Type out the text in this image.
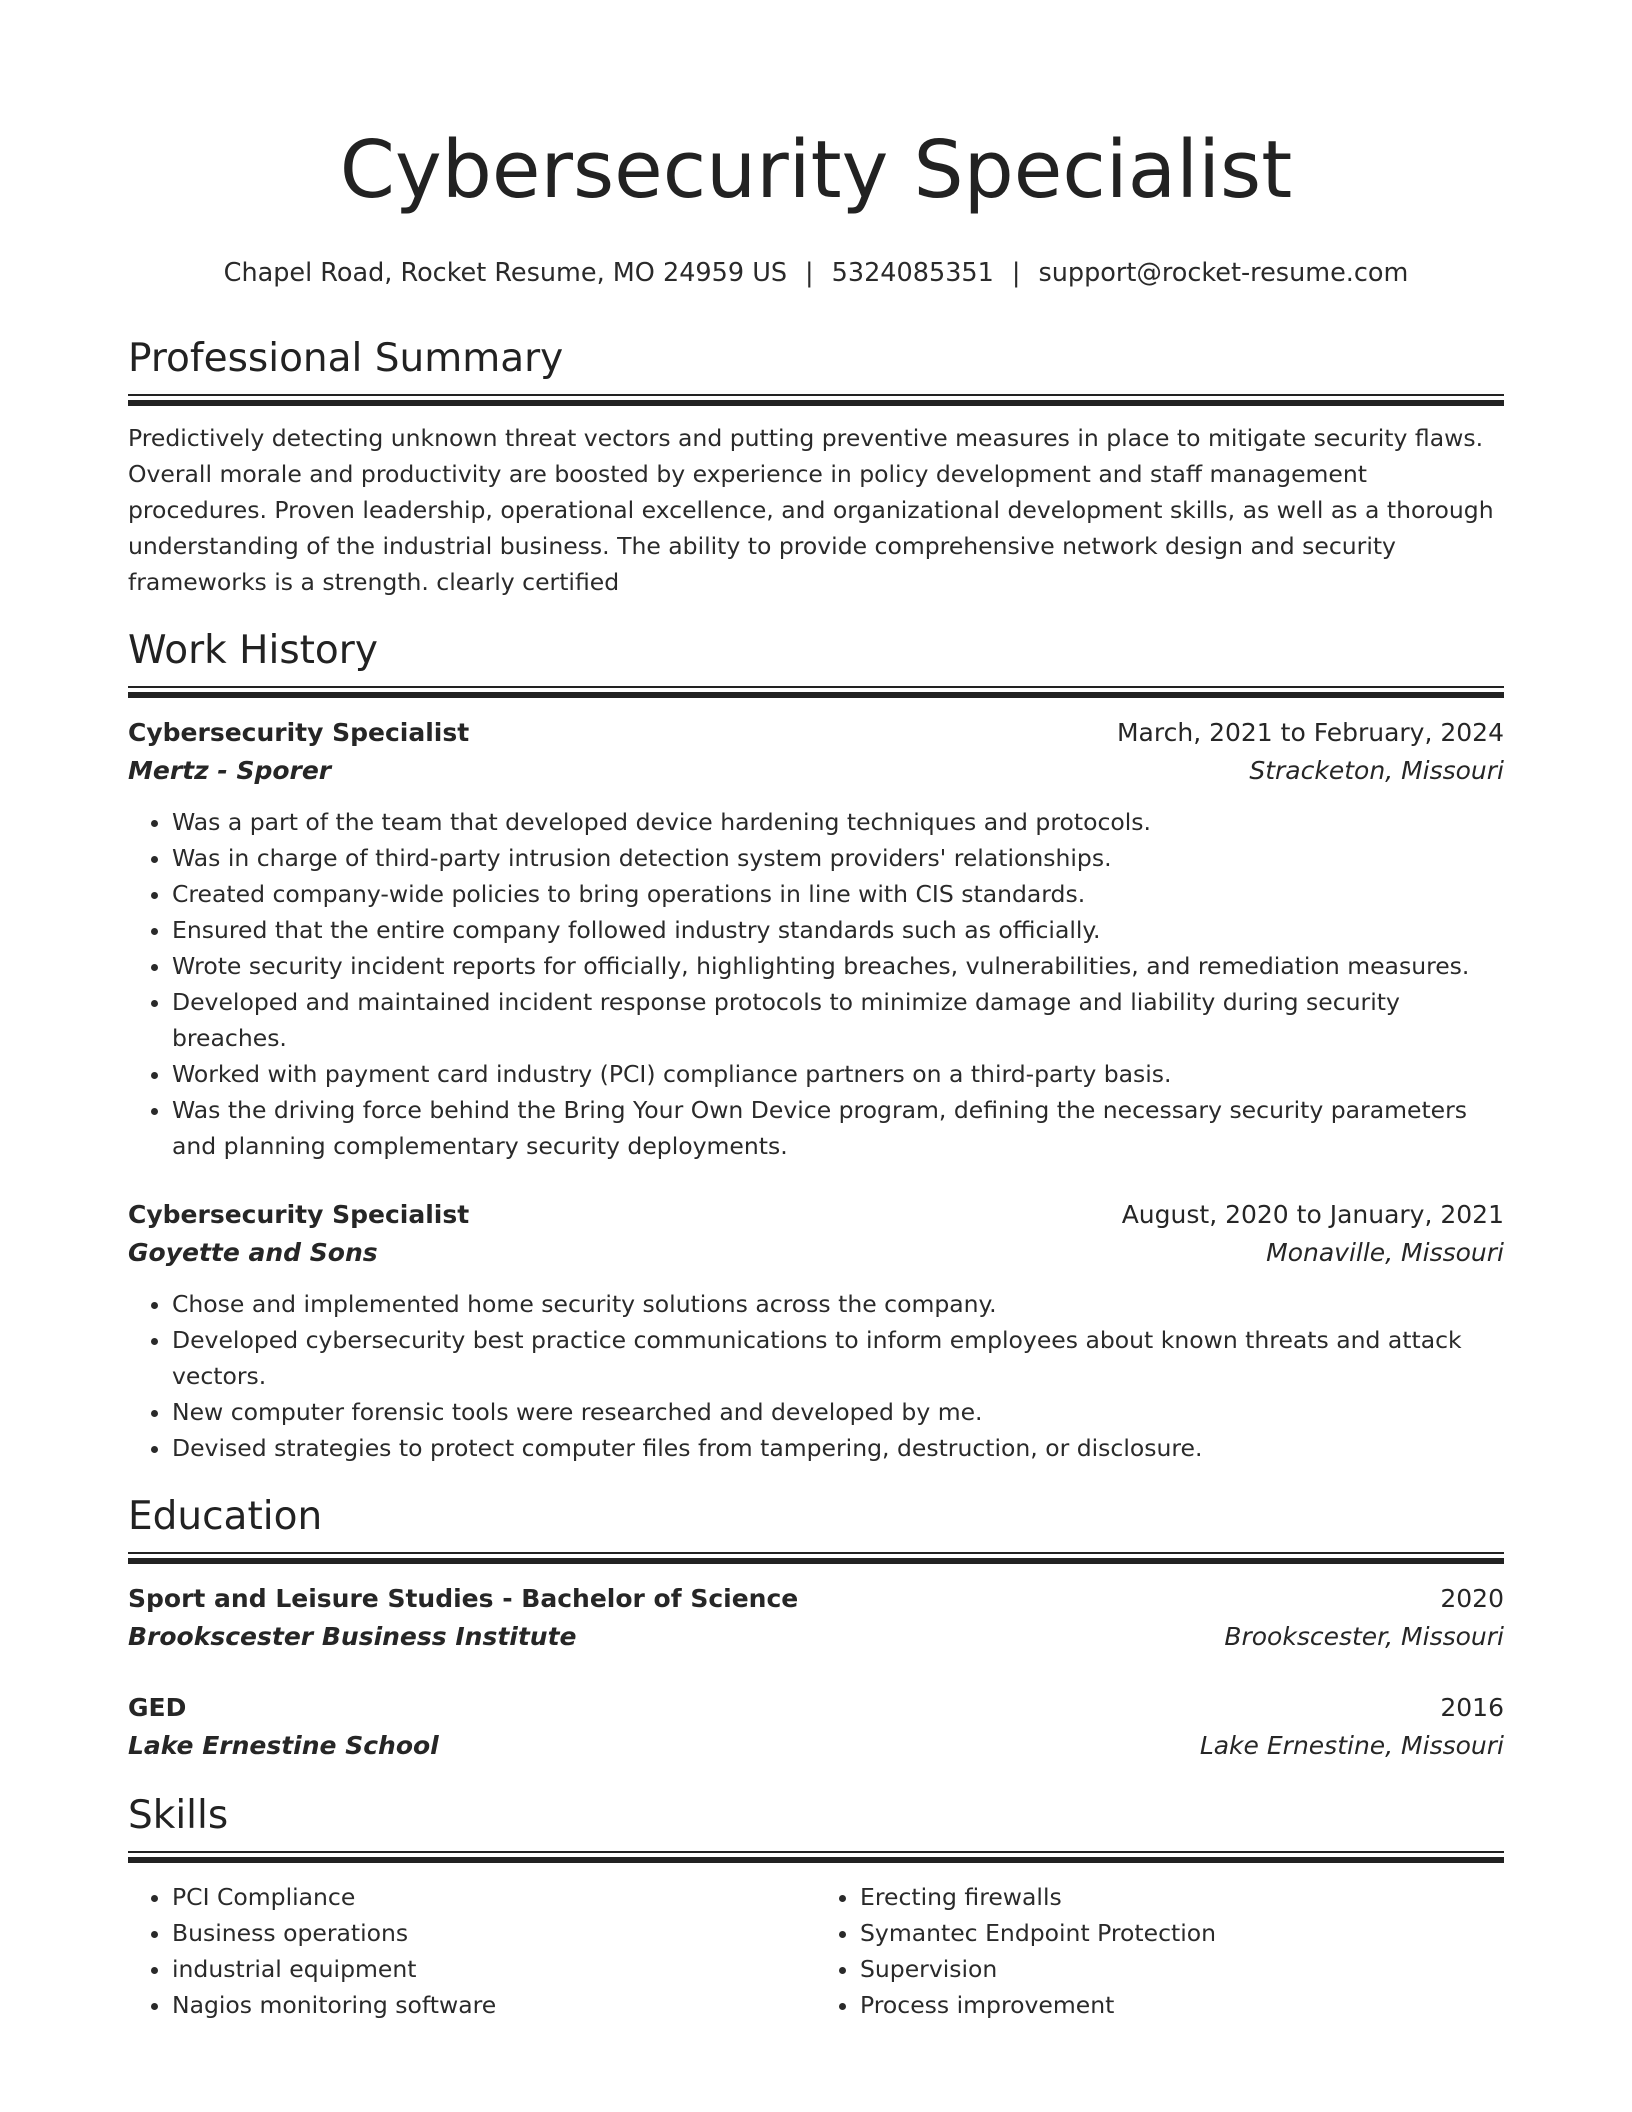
Cybersecurity Specialist
Chapel Road, Rocket Resume, MO 24959 US | 5324085351 | support@rocket-resume.com
Professional Summary
Predictively detecting unknown threat vectors and putting preventive measures in place to mitigate security flaws. Overall morale and productivity are boosted by experience in policy development and staff management procedures. Proven leadership, operational excellence, and organizational development skills, as well as a thorough understanding of the industrial business. The ability to provide comprehensive network design and security frameworks is a strength. clearly certified
Work History
Cybersecurity Specialist	March, 2021 to February, 2024
Mertz - Sporer	Stracketon, Missouri
• Was a part of the team that developed device hardening techniques and protocols.
• Was in charge of third-party intrusion detection system providers' relationships.
• Created company-wide policies to bring operations in line with CIS standards.
• Ensured that the entire company followed industry standards such as officially.
• Wrote security incident reports for officially, highlighting breaches, vulnerabilities, and remediation measures.
• Developed and maintained incident response protocols to minimize damage and liability during security breaches.
• Worked with payment card industry (PCI) compliance partners on a third-party basis.
• Was the driving force behind the Bring Your Own Device program, defining the necessary security parameters and planning complementary security deployments.
Cybersecurity Specialist	August, 2020 to January, 2021
Goyette and Sons	Monaville, Missouri
• Chose and implemented home security solutions across the company.
• Developed cybersecurity best practice communications to inform employees about known threats and attack vectors.
• New computer forensic tools were researched and developed by me.
• Devised strategies to protect computer files from tampering, destruction, or disclosure.
Education
Sport and Leisure Studies - Bachelor of Science	2020
Brookscester Business Institute	Brookscester, Missouri
GED	2016
Lake Ernestine School	Lake Ernestine, Missouri
Skills
• PCI Compliance
• Business operations
• industrial equipment
• Nagios monitoring software
• Erecting firewalls
• Symantec Endpoint Protection
• Supervision
• Process improvement
